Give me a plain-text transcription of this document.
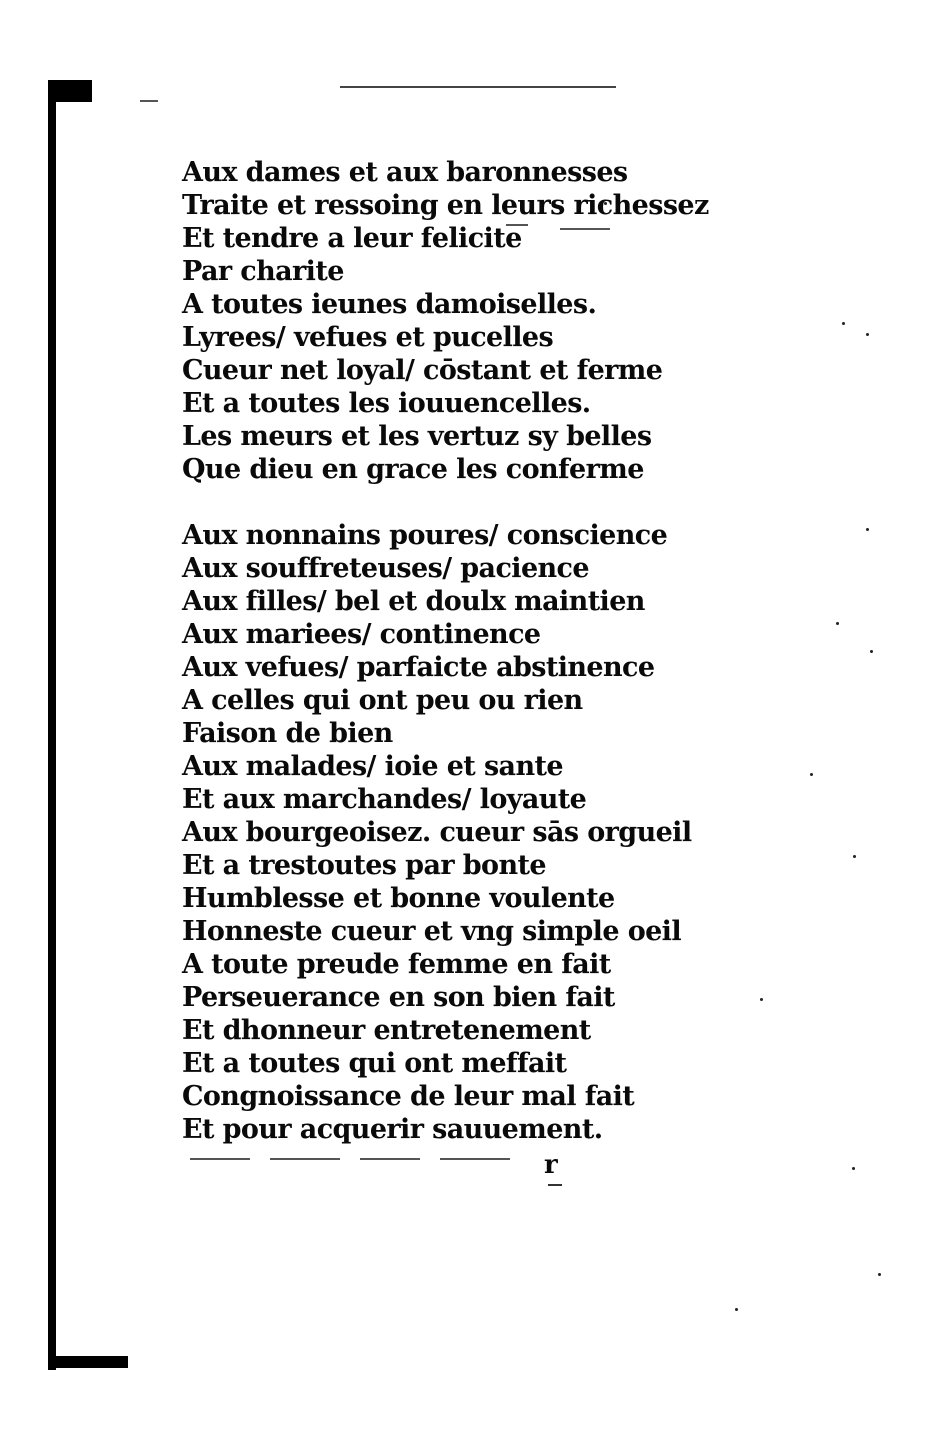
Aux dames et aux baronnesses
Traite et ressoing en leurs richessez
Et tendre a leur felicite
Par charite
A toutes ieunes damoiselles.
Lyrees/ vefues et pucelles
Cueur net loyal/ cōstant et ferme
Et a toutes les iouuencelles.
Les meurs et les vertuz sy belles
Que dieu en grace les conferme
Aux nonnains poures/ conscience
Aux souffreteuses/ pacience
Aux filles/ bel et doulx maintien
Aux mariees/ continence
Aux vefues/ parfaicte abstinence
A celles qui ont peu ou rien
Faison de bien
Aux malades/ ioie et sante
Et aux marchandes/ loyaute
Aux bourgeoisez. cueur sās orgueil
Et a trestoutes par bonte
Humblesse et bonne voulente
Honneste cueur et vng simple oeil
A toute preude femme en fait
Perseuerance en son bien fait
Et dhonneur entretenement
Et a toutes qui ont meffait
Congnoissance de leur mal fait
Et pour acquerir sauuement.
r
